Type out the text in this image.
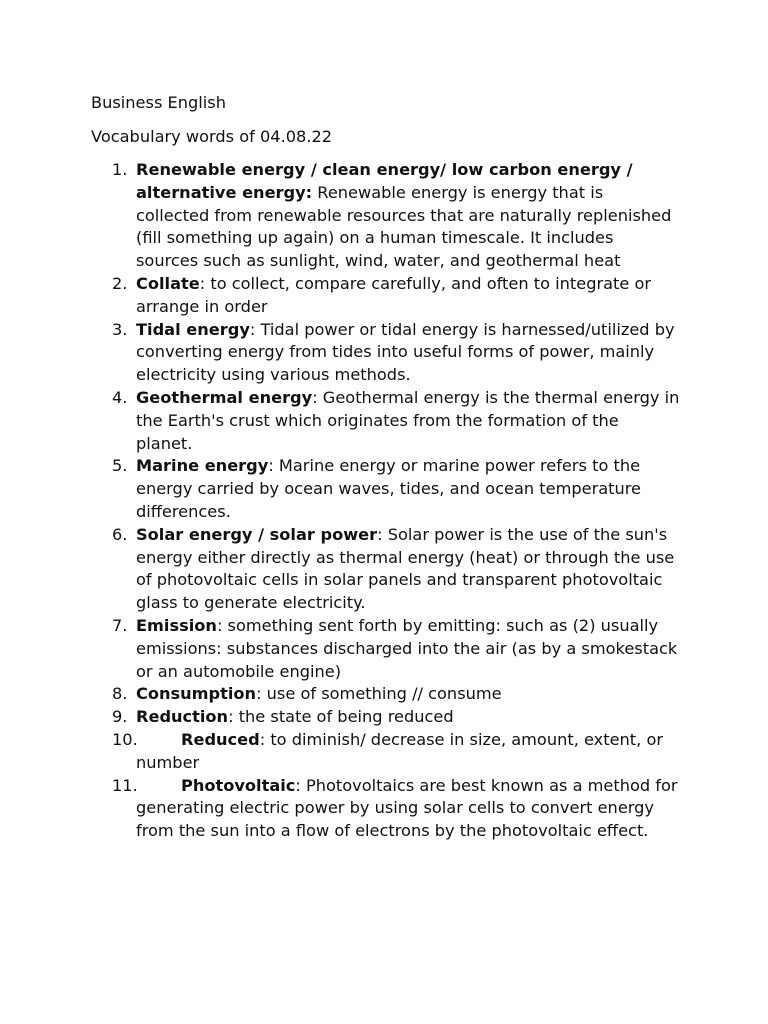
Business English

Vocabulary words of 04.08.22

1. Renewable energy / clean energy/ low carbon energy / alternative energy: Renewable energy is energy that is collected from renewable resources that are naturally replenished (fill something up again) on a human timescale. It includes sources such as sunlight, wind, water, and geothermal heat
2. Collate: to collect, compare carefully, and often to integrate or arrange in order
3. Tidal energy: Tidal power or tidal energy is harnessed/utilized by converting energy from tides into useful forms of power, mainly electricity using various methods.
4. Geothermal energy: Geothermal energy is the thermal energy in the Earth's crust which originates from the formation of the planet.
5. Marine energy: Marine energy or marine power refers to the energy carried by ocean waves, tides, and ocean temperature differences.
6. Solar energy / solar power: Solar power is the use of the sun's energy either directly as thermal energy (heat) or through the use of photovoltaic cells in solar panels and transparent photovoltaic glass to generate electricity.
7. Emission: something sent forth by emitting: such as (2) usually emissions: substances discharged into the air (as by a smokestack or an automobile engine)
8. Consumption: use of something // consume
9. Reduction: the state of being reduced
10.	Reduced: to diminish/ decrease in size, amount, extent, or number
11.	Photovoltaic: Photovoltaics are best known as a method for generating electric power by using solar cells to convert energy from the sun into a flow of electrons by the photovoltaic effect.
